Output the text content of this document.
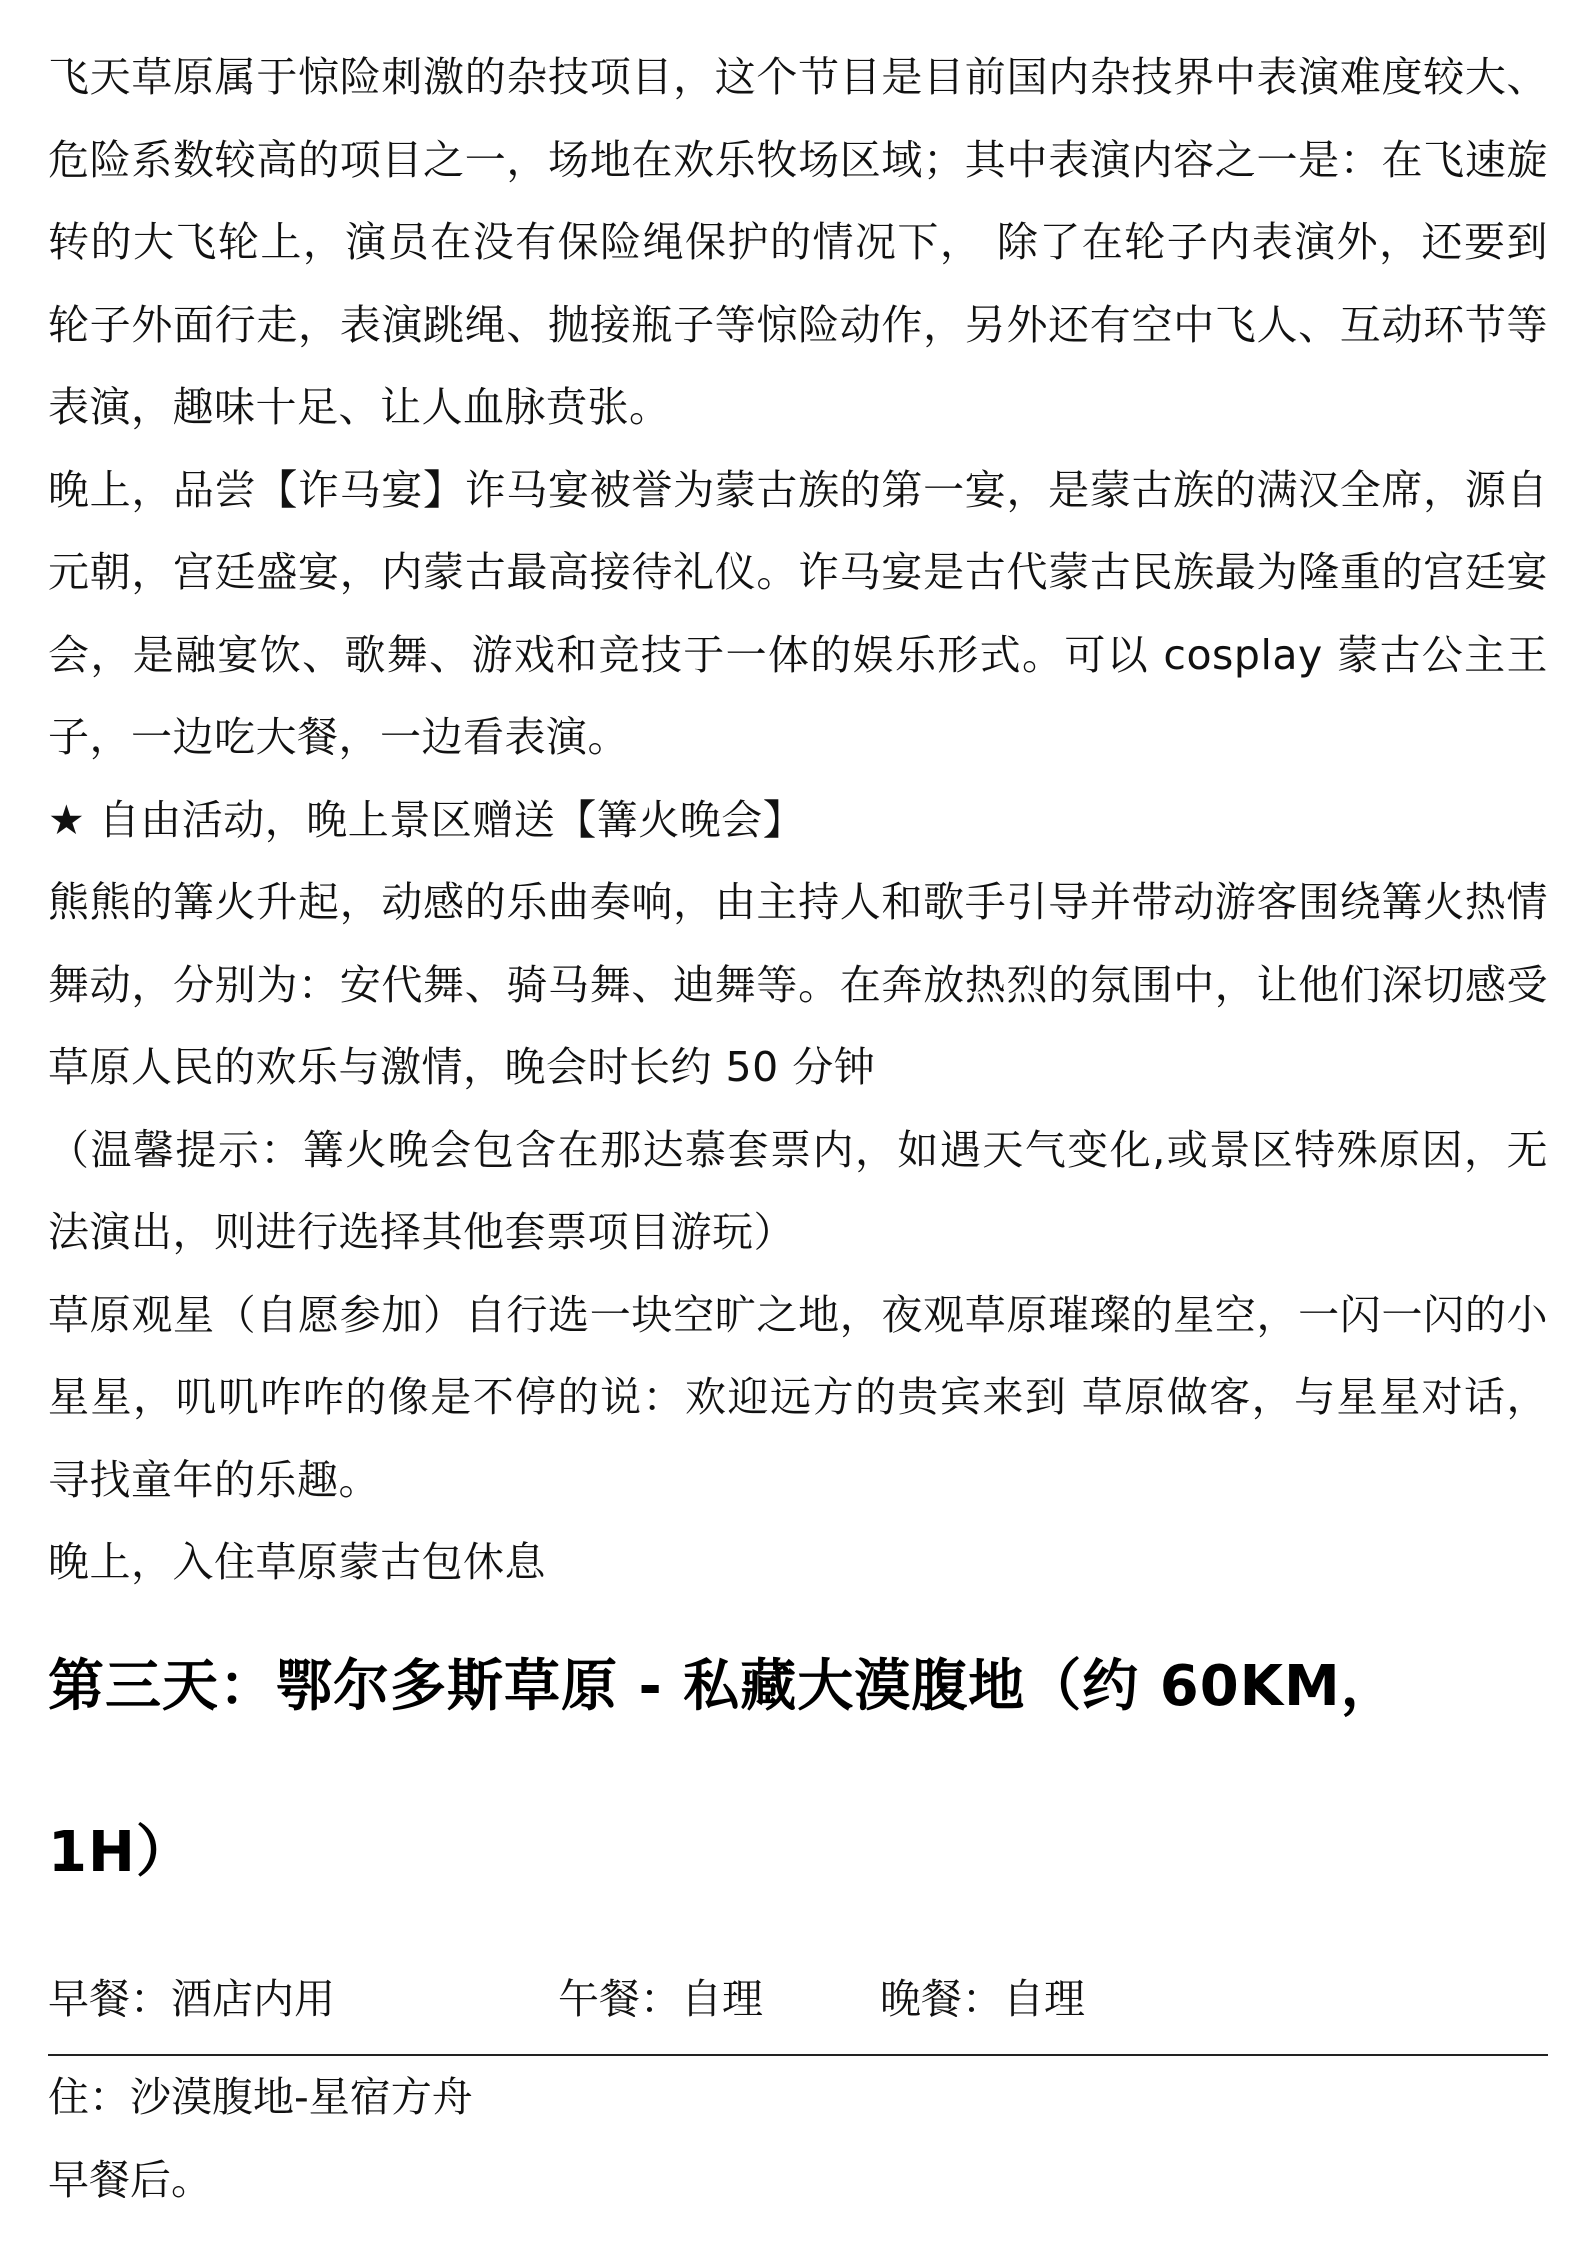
飞天草原属于惊险刺激的杂技项目，这个节目是目前国内杂技界中表演难度较大、危险系数较高的项目之一，场地在欢乐牧场区域；其中表演内容之一是：在飞速旋转的大飞轮上，演员在没有保险绳保护的情况下， 除了在轮子内表演外，还要到轮子外面行走，表演跳绳、抛接瓶子等惊险动作，另外还有空中飞人、互动环节等表演，趣味十足、让人血脉贲张。

晚上，品尝【诈马宴】诈马宴被誉为蒙古族的第一宴，是蒙古族的满汉全席，源自元朝，宫廷盛宴，内蒙古最高接待礼仪。诈马宴是古代蒙古民族最为隆重的宫廷宴会，是融宴饮、歌舞、游戏和竞技于一体的娱乐形式。可以 cosplay 蒙古公主王子，一边吃大餐，一边看表演。

★ 自由活动，晚上景区赠送【篝火晚会】

熊熊的篝火升起，动感的乐曲奏响，由主持人和歌手引导并带动游客围绕篝火热情舞动，分别为：安代舞、骑马舞、迪舞等。在奔放热烈的氛围中，让他们深切感受草原人民的欢乐与激情，晚会时长约 50 分钟

（温馨提示：篝火晚会包含在那达慕套票内，如遇天气变化,或景区特殊原因，无法演出，则进行选择其他套票项目游玩）

草原观星（自愿参加）自行选一块空旷之地，夜观草原璀璨的星空，一闪一闪的小星星，叽叽咋咋的像是不停的说：欢迎远方的贵宾来到 草原做客，与星星对话，寻找童年的乐趣。

晚上，入住草原蒙古包休息

第三天：鄂尔多斯草原 - 私藏大漠腹地（约 60KM，
1H）
早餐：酒店内用	午餐：自理	晚餐：自理

住：沙漠腹地-星宿方舟

早餐后。
